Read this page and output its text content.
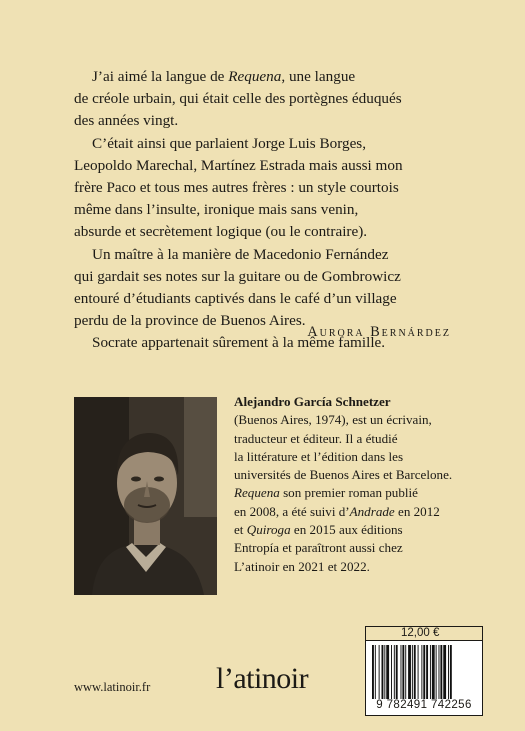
J’ai aimé la langue de Requena, une langue
de créole urbain, qui était celle des portègnes éduqués
des années vingt.

C’était ainsi que parlaient Jorge Luis Borges,
Leopoldo Marechal, Martínez Estrada mais aussi mon
frère Paco et tous mes autres frères : un style courtois
même dans l’insulte, ironique mais sans venin,
absurde et secrètement logique (ou le contraire).

Un maître à la manière de Macedonio Fernández
qui gardait ses notes sur la guitare ou de Gombrowicz
entouré d’étudiants captivés dans le café d’un village
perdu de la province de Buenos Aires.

Socrate appartenait sûrement à la même famille.

Aurora Bernárdez
Alejandro García Schnetzer
(Buenos Aires, 1974), est un écrivain,
traducteur et éditeur. Il a étudié
la littérature et l’édition dans les
universités de Buenos Aires et Barcelone.
Requena son premier roman publié
en 2008, a été suivi d’Andrade en 2012
et Quiroga en 2015 aux éditions
Entropía et paraîtront aussi chez
L’atinoir en 2021 et 2022.
12,00 €
9 782491 742256
www.latinoir.fr l’atinoir
